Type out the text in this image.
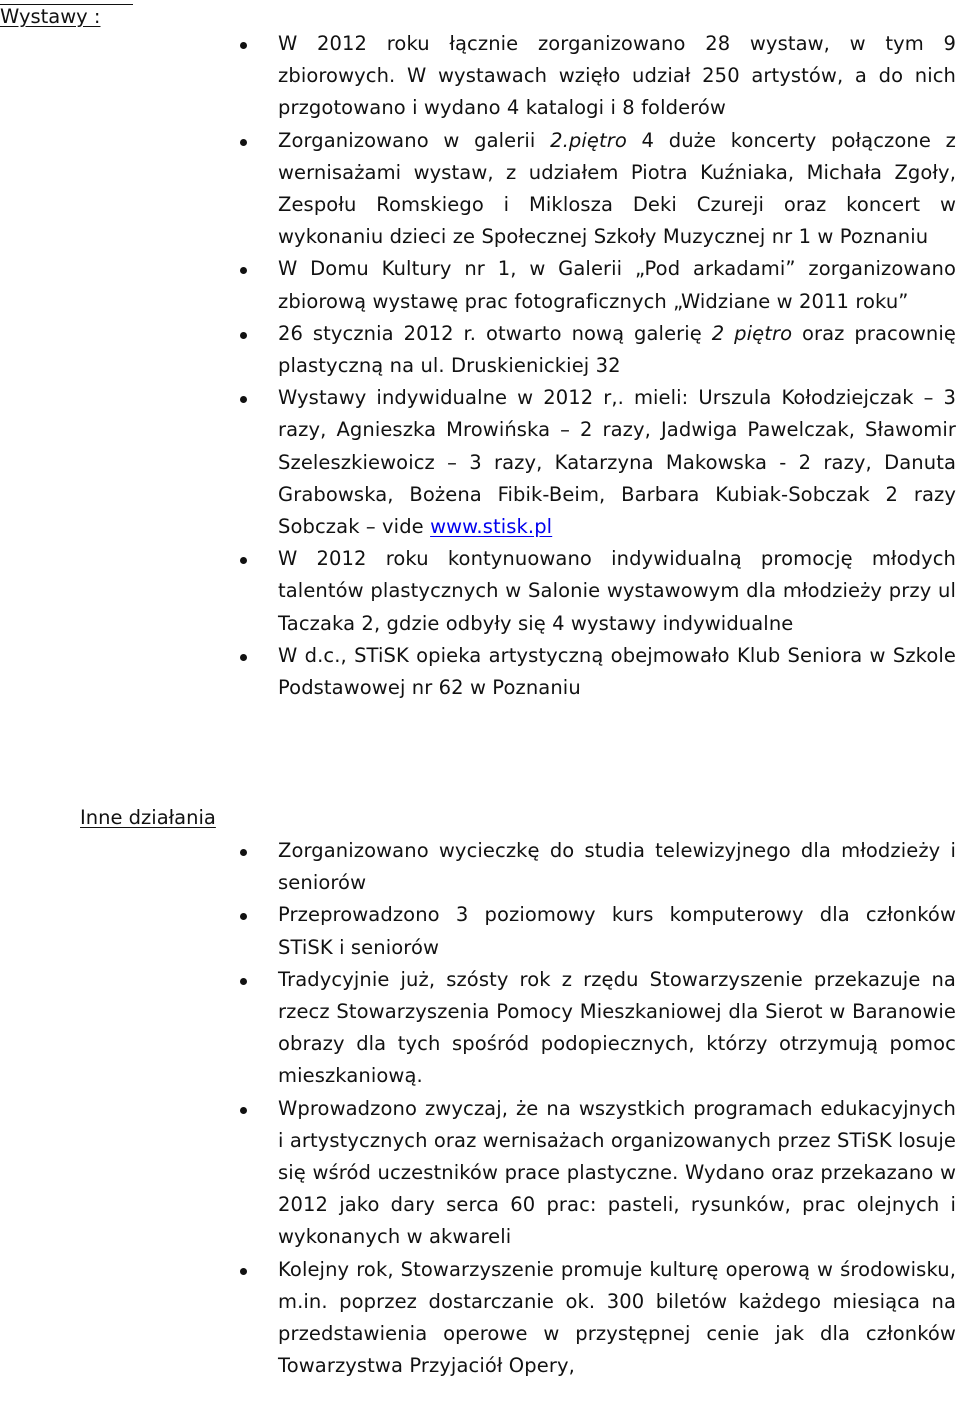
Wystawy :
W 2012 roku łącznie zorganizowano 28 wystaw, w tym 9 zbiorowych. W wystawach wzięło udział 250 artystów, a do nich przgotowano i wydano 4 katalogi i 8 folderów
Zorganizowano w galerii 2.piętro 4 duże koncerty połączone z wernisażami wystaw, z udziałem Piotra Kuźniaka, Michała Zgoły, Zespołu Romskiego i Miklosza Deki Czureji oraz koncert w wykonaniu dzieci ze Społecznej Szkoły Muzycznej nr 1 w Poznaniu
W Domu Kultury nr 1, w Galerii „Pod arkadami” zorganizowano zbiorową wystawę prac fotograficznych „Widziane w 2011 roku”
26 stycznia 2012 r. otwarto nową galerię 2 piętro oraz pracownię plastyczną na ul. Druskienickiej 32
Wystawy indywidualne w 2012 r,. mieli: Urszula Kołodziejczak – 3 razy, Agnieszka Mrowińska – 2 razy, Jadwiga Pawelczak, Sławomir Szeleszkiewoicz – 3 razy, Katarzyna Makowska - 2 razy, Danuta Grabowska, Bożena Fibik-Beim, Barbara Kubiak-Sobczak 2 razy Sobczak – vide www.stisk.pl
W 2012 roku kontynuowano indywidualną promocję młodych talentów plastycznych w Salonie wystawowym dla młodzieży przy ul Taczaka 2, gdzie odbyły się 4 wystawy indywidualne
W d.c., STiSK opieka artystyczną obejmowało Klub Seniora w Szkole Podstawowej nr 62 w Poznaniu
Inne działania
Zorganizowano wycieczkę do studia telewizyjnego dla młodzieży i seniorów
Przeprowadzono 3 poziomowy kurs komputerowy dla członków STiSK i seniorów
Tradycyjnie już, szósty rok z rzędu Stowarzyszenie przekazuje na rzecz Stowarzyszenia Pomocy Mieszkaniowej dla Sierot w Baranowie obrazy dla tych spośród podopiecznych, którzy otrzymują pomoc mieszkaniową.
Wprowadzono zwyczaj, że na wszystkich programach edukacyjnych i artystycznych oraz wernisażach organizowanych przez STiSK losuje się wśród uczestników prace plastyczne. Wydano oraz przekazano w 2012 jako dary serca 60 prac: pasteli, rysunków, prac olejnych i wykonanych w akwareli
Kolejny rok, Stowarzyszenie promuje kulturę operową w środowisku, m.in. poprzez dostarczanie ok. 300 biletów każdego miesiąca na przedstawienia operowe w przystępnej cenie jak dla członków Towarzystwa Przyjaciół Opery,
